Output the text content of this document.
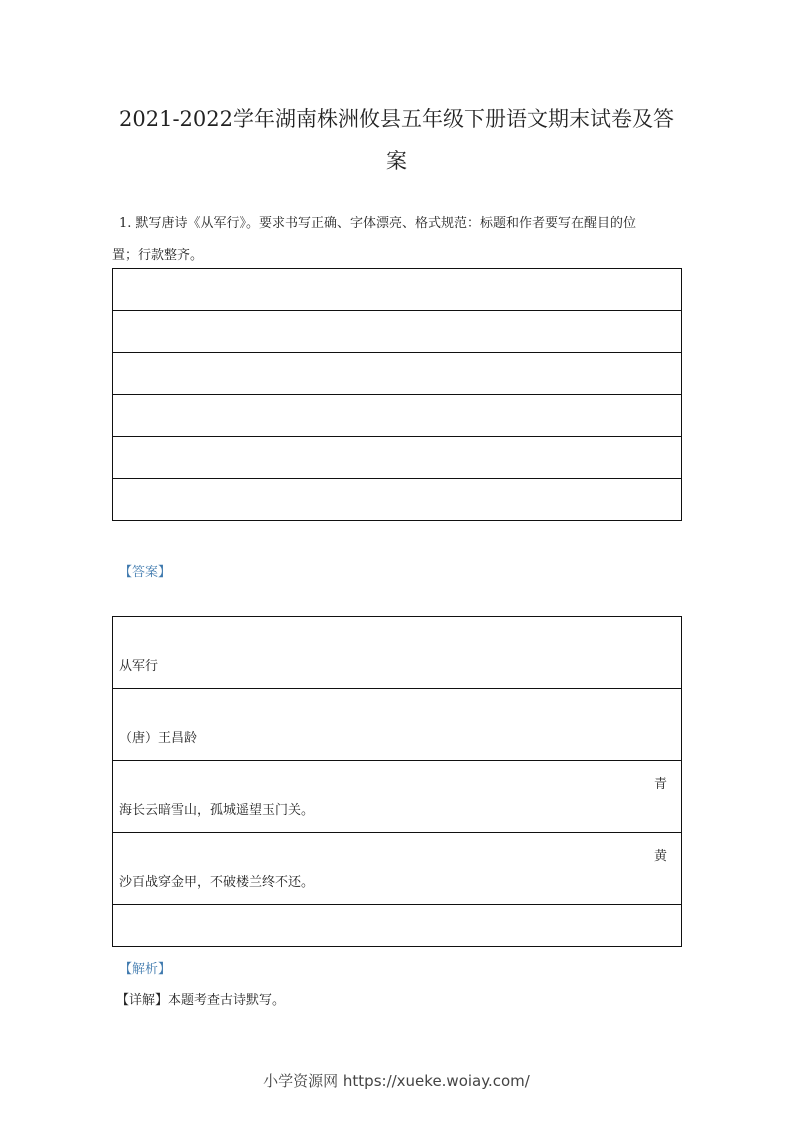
2021-2022学年湖南株洲攸县五年级下册语文期末试卷及答
案
1. 默写唐诗《从军行》。要求书写正确、字体漂亮、格式规范：标题和作者要写在醒目的位
置；行款整齐。

【答案】
从军行
（唐）王昌龄

青
海长云暗雪山，孤城遥望玉门关。

黄
沙百战穿金甲，不破楼兰终不还。

【解析】
【详解】本题考查古诗默写。
小学资源网 https://xueke.woiay.com/
